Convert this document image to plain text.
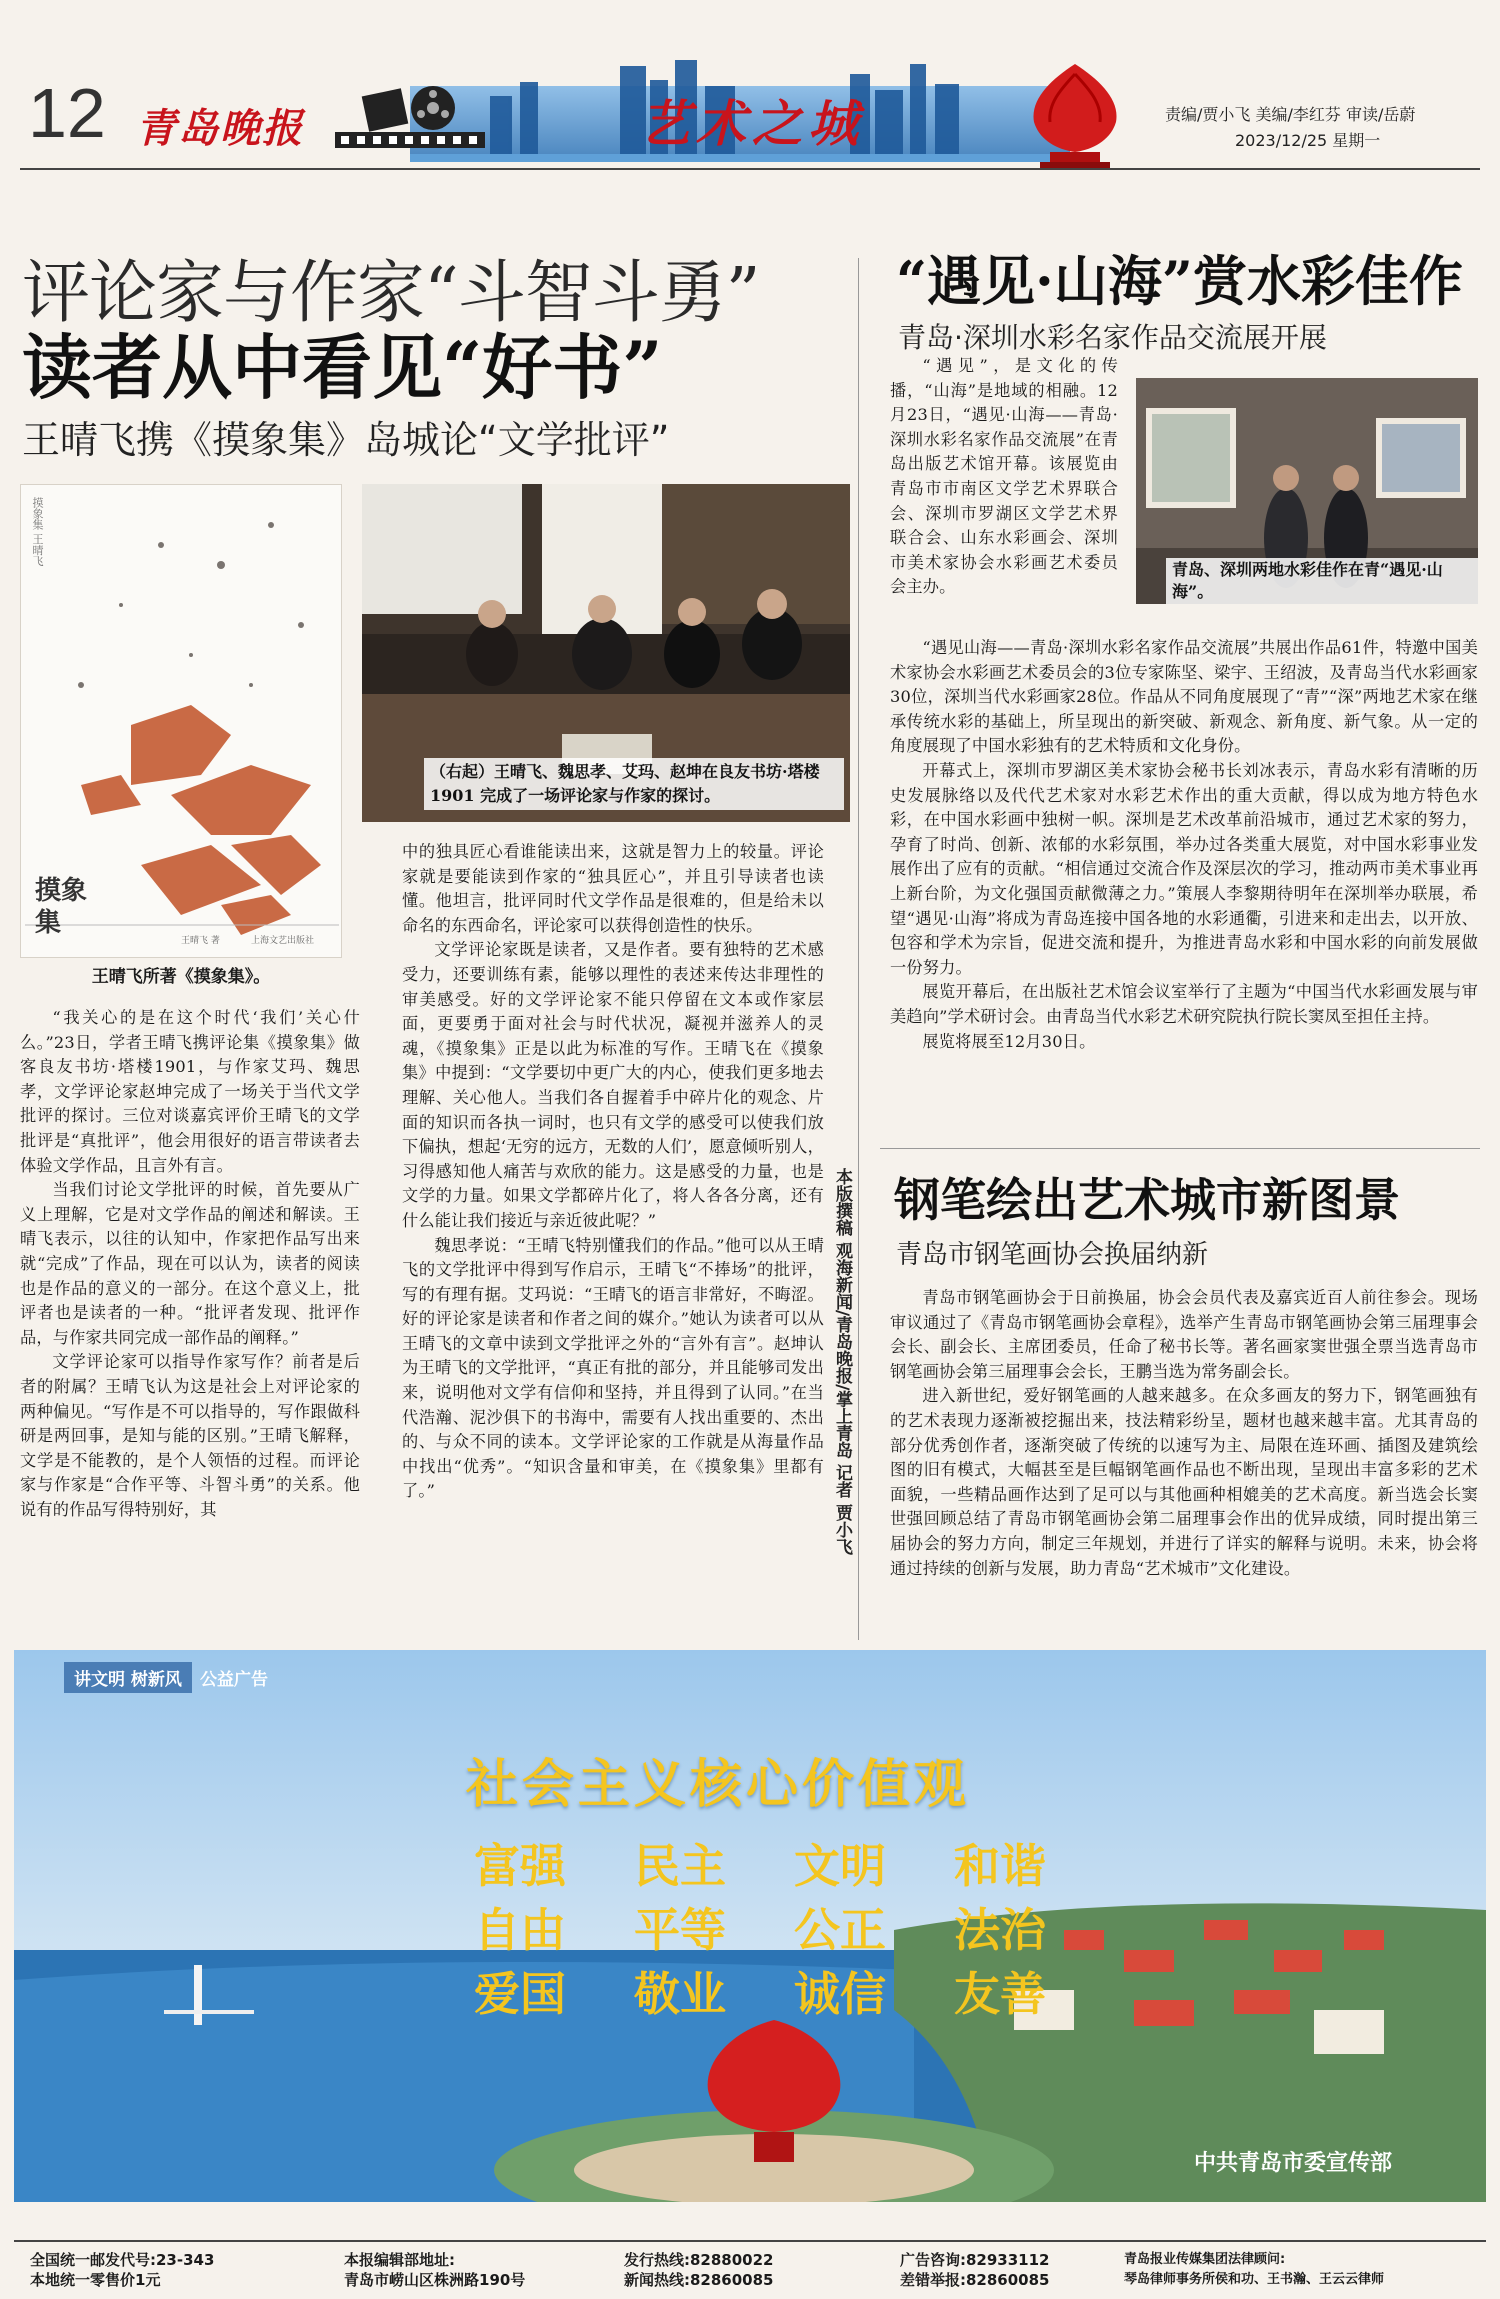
12 青岛晚报	艺术之城	责编/贾小飞 美编/李红芬 审读/岳蔚
2023/12/25 星期一
评论家与作家“斗智斗勇”
读者从中看见“好书”
王晴飞携《摸象集》岛城论“文学批评”
摸象集 王晴飞
摸象集
王晴飞 著	上海文艺出版社
王晴飞所著《摸象集》。
（右起）王晴飞、魏思孝、艾玛、赵坤在良友书坊·塔楼 1901 完成了一场评论家与作家的探讨。

“我关心的是在这个时代‘我们’关心什么。”23日，学者王晴飞携评论集《摸象集》做客良友书坊·塔楼1901，与作家艾玛、魏思孝，文学评论家赵坤完成了一场关于当代文学批评的探讨。三位对谈嘉宾评价王晴飞的文学批评是“真批评”，他会用很好的语言带读者去体验文学作品，且言外有言。

当我们讨论文学批评的时候，首先要从广义上理解，它是对文学作品的阐述和解读。王晴飞表示，以往的认知中，作家把作品写出来就“完成”了作品，现在可以认为，读者的阅读也是作品的意义的一部分。在这个意义上，批评者也是读者的一种。“批评者发现、批评作品，与作家共同完成一部作品的阐释。”

文学评论家可以指导作家写作？前者是后者的附属？王晴飞认为这是社会上对评论家的两种偏见。“写作是不可以指导的，写作跟做科研是两回事，是知与能的区别。”王晴飞解释，文学是不能教的，是个人领悟的过程。而评论家与作家是“合作平等、斗智斗勇”的关系。他说有的作品写得特别好，其

中的独具匠心看谁能读出来，这就是智力上的较量。评论家就是要能读到作家的“独具匠心”，并且引导读者也读懂。他坦言，批评同时代文学作品是很难的，但是给未以命名的东西命名，评论家可以获得创造性的快乐。

文学评论家既是读者，又是作者。要有独特的艺术感受力，还要训练有素，能够以理性的表述来传达非理性的审美感受。好的文学评论家不能只停留在文本或作家层面，更要勇于面对社会与时代状况，凝视并滋养人的灵魂，《摸象集》正是以此为标准的写作。王晴飞在《摸象集》中提到：“文学要切中更广大的内心，使我们更多地去理解、关心他人。当我们各自握着手中碎片化的观念、片面的知识而各执一词时，也只有文学的感受可以使我们放下偏执，想起‘无穷的远方，无数的人们’，愿意倾听别人，习得感知他人痛苦与欢欣的能力。这是感受的力量，也是文学的力量。如果文学都碎片化了，将人各各分离，还有什么能让我们接近与亲近彼此呢？”

魏思孝说：“王晴飞特别懂我们的作品。”他可以从王晴飞的文学批评中得到写作启示，王晴飞“不捧场”的批评，写的有理有据。艾玛说：“王晴飞的语言非常好，不晦涩。好的评论家是读者和作者之间的媒介。”她认为读者可以从王晴飞的文章中读到文学批评之外的“言外有言”。赵坤认为王晴飞的文学批评，“真正有批的部分，并且能够司发出来，说明他对文学有信仰和坚持，并且得到了认同。”在当代浩瀚、泥沙俱下的书海中，需要有人找出重要的、杰出的、与众不同的读本。文学评论家的工作就是从海量作品中找出“优秀”。“知识含量和审美，在《摸象集》里都有了。”	本版撰稿 观海新闻/青岛晚报/掌上青岛 记者 贾小飞
“遇见·山海”赏水彩佳作
青岛·深圳水彩名家作品交流展开展

“遇见”，是文化的传播，“山海”是地域的相融。12月23日，“遇见·山海——青岛·深圳水彩名家作品交流展”在青岛出版艺术馆开幕。该展览由青岛市市南区文学艺术界联合会、深圳市罗湖区文学艺术界联合会、山东水彩画会、深圳市美术家协会水彩画艺术委员会主办。

青岛、深圳两地水彩佳作在青“遇见·山海”。

“遇见山海——青岛·深圳水彩名家作品交流展”共展出作品61件，特邀中国美术家协会水彩画艺术委员会的3位专家陈坚、梁宇、王绍波，及青岛当代水彩画家30位，深圳当代水彩画家28位。作品从不同角度展现了“青”“深”两地艺术家在继承传统水彩的基础上，所呈现出的新突破、新观念、新角度、新气象。从一定的角度展现了中国水彩独有的艺术特质和文化身份。

开幕式上，深圳市罗湖区美术家协会秘书长刘冰表示，青岛水彩有清晰的历史发展脉络以及代代艺术家对水彩艺术作出的重大贡献，得以成为地方特色水彩，在中国水彩画中独树一帜。深圳是艺术改革前沿城市，通过艺术家的努力，孕育了时尚、创新、浓郁的水彩氛围，举办过各类重大展览，对中国水彩事业发展作出了应有的贡献。“相信通过交流合作及深层次的学习，推动两市美术事业再上新台阶，为文化强国贡献微薄之力。”策展人李黎期待明年在深圳举办联展，希望“遇见·山海”将成为青岛连接中国各地的水彩通衢，引进来和走出去，以开放、包容和学术为宗旨，促进交流和提升，为推进青岛水彩和中国水彩的向前发展做一份努力。

展览开幕后，在出版社艺术馆会议室举行了主题为“中国当代水彩画发展与审美趋向”学术研讨会。由青岛当代水彩艺术研究院执行院长窦凤至担任主持。

展览将展至12月30日。

钢笔绘出艺术城市新图景
青岛市钢笔画协会换届纳新

青岛市钢笔画协会于日前换届，协会会员代表及嘉宾近百人前往参会。现场审议通过了《青岛市钢笔画协会章程》，选举产生青岛市钢笔画协会第三届理事会会长、副会长、主席团委员，任命了秘书长等。著名画家窦世强全票当选青岛市钢笔画协会第三届理事会会长，王鹏当选为常务副会长。

进入新世纪，爱好钢笔画的人越来越多。在众多画友的努力下，钢笔画独有的艺术表现力逐渐被挖掘出来，技法精彩纷呈，题材也越来越丰富。尤其青岛的部分优秀创作者，逐渐突破了传统的以速写为主、局限在连环画、插图及建筑绘图的旧有模式，大幅甚至是巨幅钢笔画作品也不断出现，呈现出丰富多彩的艺术面貌，一些精品画作达到了足可以与其他画种相媲美的艺术高度。新当选会长窦世强回顾总结了青岛市钢笔画协会第二届理事会作出的优异成绩，同时提出第三届协会的努力方向，制定三年规划，并进行了详实的解释与说明。未来，协会将通过持续的创新与发展，助力青岛“艺术城市”文化建设。

讲文明 树新风	公益广告
社会主义核心价值观
富强 民主 文明 和谐
自由 平等 公正 法治
爱国 敬业 诚信 友善
中共青岛市委宣传部
全国统一邮发代号:23-343
本地统一零售价1元
本报编辑部地址:
青岛市崂山区株洲路190号
发行热线:82880022
新闻热线:82860085
广告咨询:82933112
差错举报:82860085
青岛报业传媒集团法律顾问:
琴岛律师事务所侯和功、王书瀚、王云云律师
